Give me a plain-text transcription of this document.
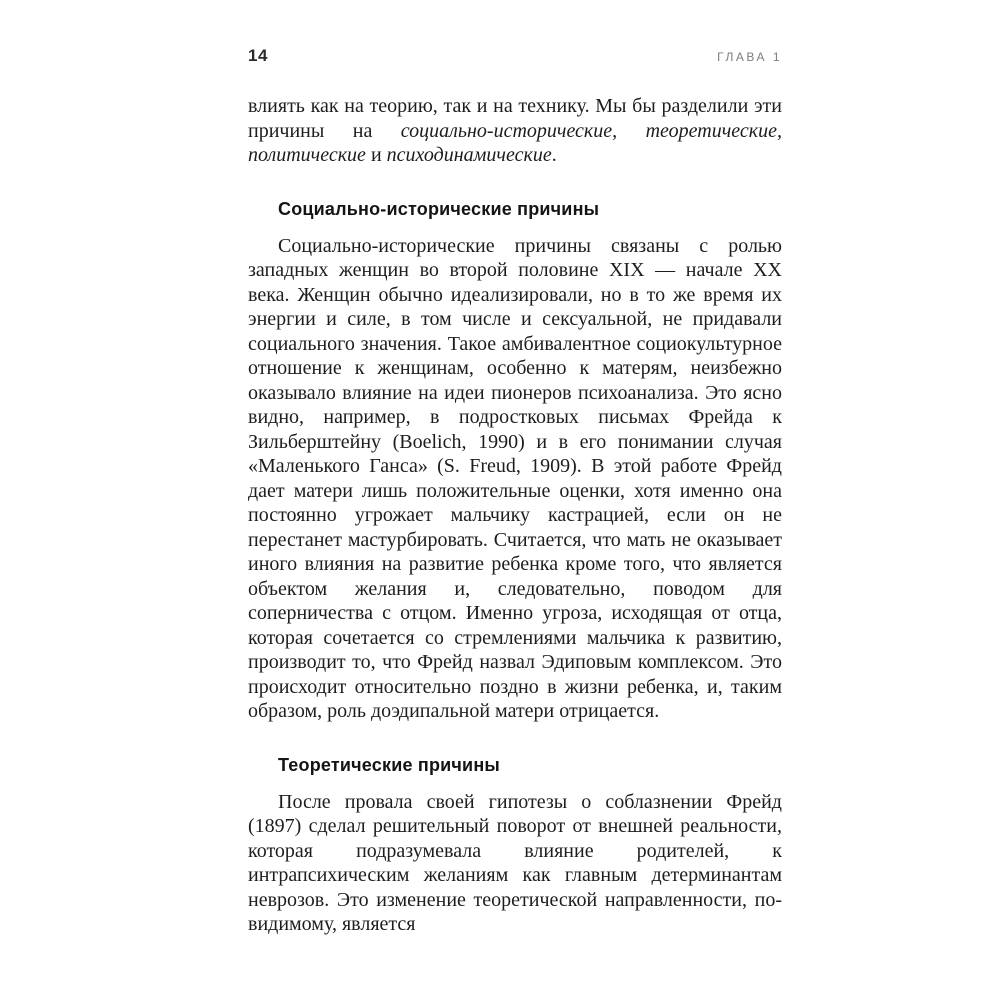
14	ГЛАВА 1

влиять как на теорию, так и на технику. Мы бы разделили эти причины на социально-исторические, теоретические, политические и психодинамические.

Социально-исторические причины

Социально-исторические причины связаны с ролью западных женщин во второй половине XIX — начале XX века. Женщин обычно идеализировали, но в то же время их энергии и силе, в том числе и сексуальной, не придавали социального значения. Такое амбивалентное социокультурное отношение к женщинам, особенно к матерям, неизбежно оказывало влияние на идеи пионеров психоанализа. Это ясно видно, например, в подростковых письмах Фрейда к Зильберштейну (Boelich, 1990) и в его понимании случая «Маленького Ганса» (S. Freud, 1909). В этой работе Фрейд дает матери лишь положительные оценки, хотя именно она постоянно угрожает мальчику кастрацией, если он не перестанет мастурбировать. Считается, что мать не оказывает иного влияния на развитие ребенка кроме того, что является объектом желания и, следовательно, поводом для соперничества с отцом. Именно угроза, исходящая от отца, которая сочетается со стремлениями мальчика к развитию, производит то, что Фрейд назвал Эдиповым комплексом. Это происходит относительно поздно в жизни ребенка, и, таким образом, роль доэдипальной матери отрицается.

Теоретические причины

После провала своей гипотезы о соблазнении Фрейд (1897) сделал решительный поворот от внешней реальности, которая подразумевала влияние родителей, к интрапсихическим желаниям как главным детерминантам неврозов. Это изменение теоретической направленности, по-видимому, является
